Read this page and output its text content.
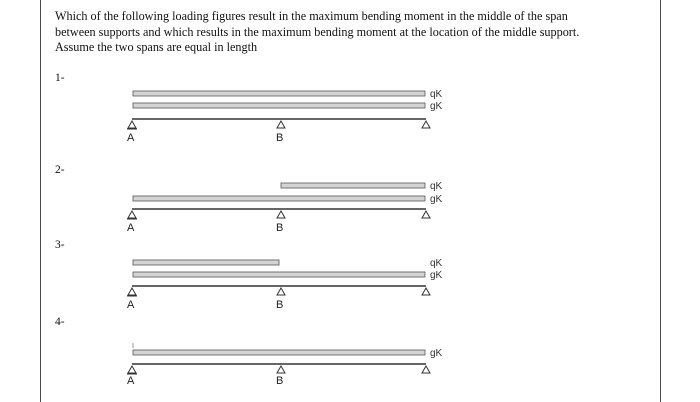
Which of the following loading figures result in the maximum bending moment in the middle of the span
between supports and which results in the maximum bending moment at the location of the middle support.
Assume the two spans are equal in length
1-
2-
3-
4-
qK
gK
A	B
qK
gK
A	B
qK
gK
A	B
gK
A	B
